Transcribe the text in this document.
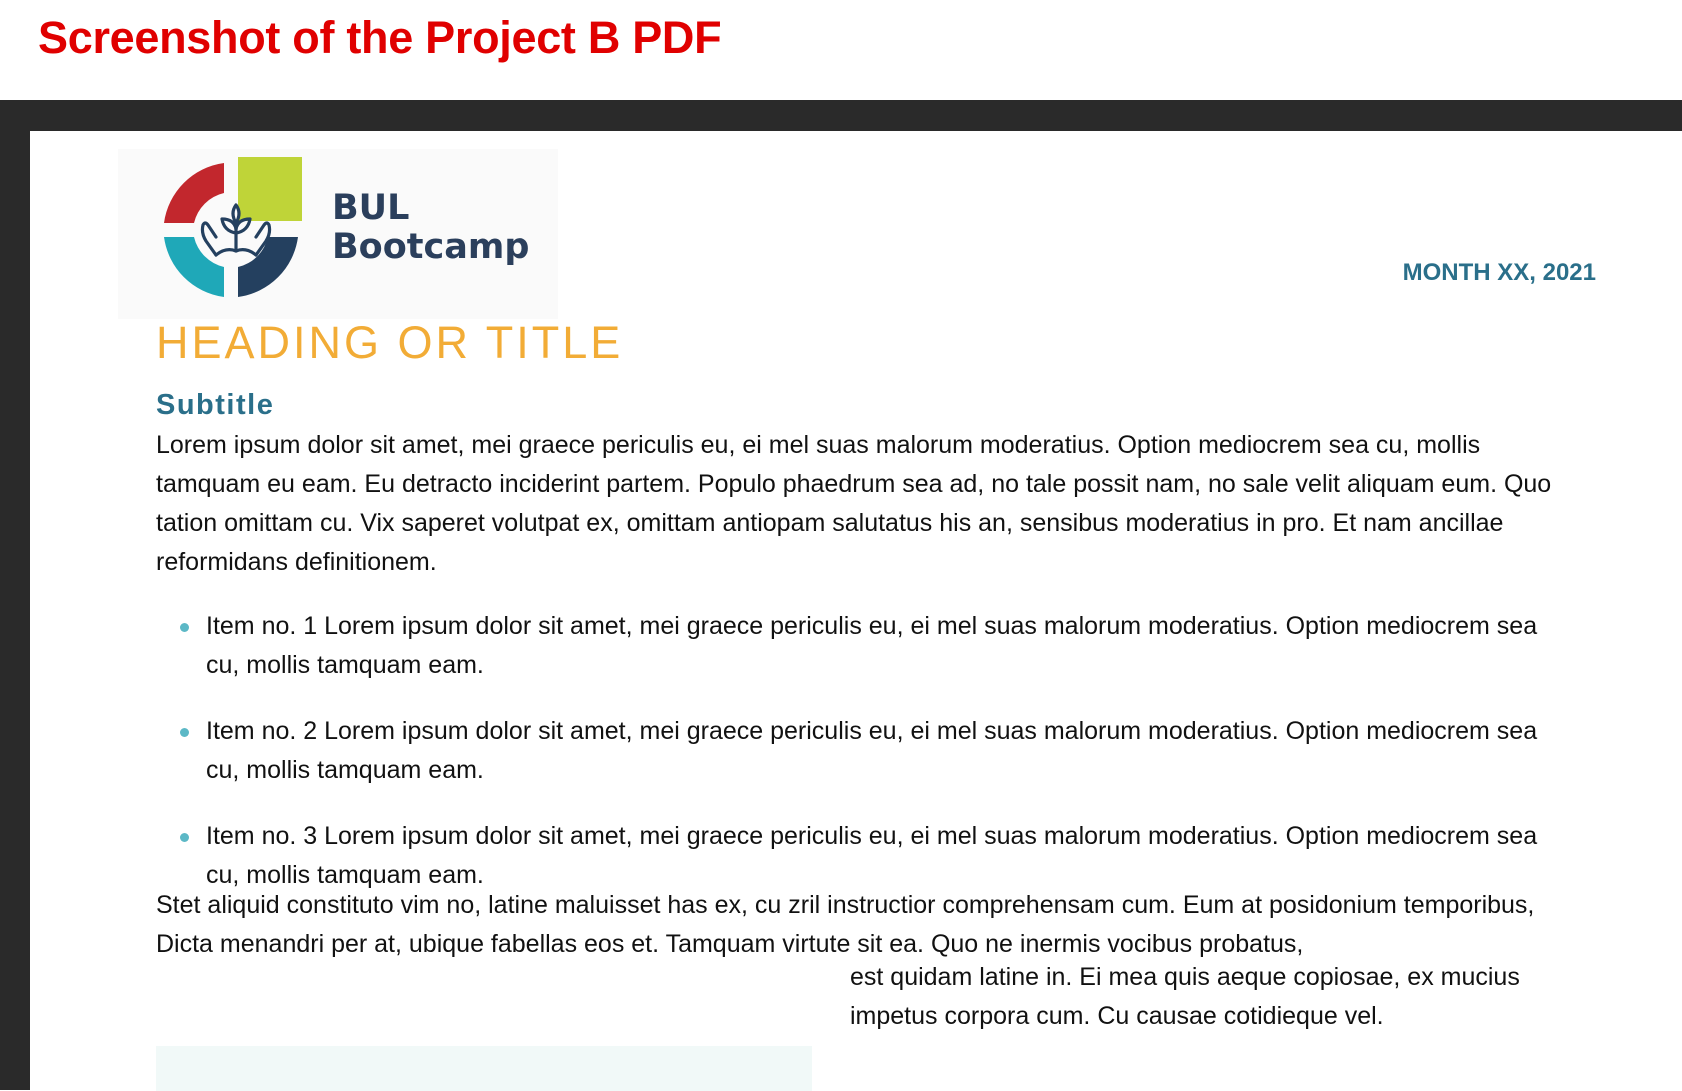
Screenshot of the Project B PDF
BUL
Bootcamp

MONTH XX, 2021

HEADING OR TITLE
Subtitle

Lorem ipsum dolor sit amet, mei graece periculis eu, ei mel suas malorum moderatius. Option mediocrem sea cu, mollis tamquam eu eam. Eu detracto inciderint partem. Populo phaedrum sea ad, no tale possit nam, no sale velit aliquam eum. Quo tation omittam cu. Vix saperet volutpat ex, omittam antiopam salutatus his an, sensibus moderatius in pro. Et nam ancillae reformidans definitionem.

Item no. 1 Lorem ipsum dolor sit amet, mei graece periculis eu, ei mel suas malorum moderatius. Option mediocrem sea cu, mollis tamquam eam.
Item no. 2 Lorem ipsum dolor sit amet, mei graece periculis eu, ei mel suas malorum moderatius. Option mediocrem sea cu, mollis tamquam eam.
Item no. 3 Lorem ipsum dolor sit amet, mei graece periculis eu, ei mel suas malorum moderatius. Option mediocrem sea cu, mollis tamquam eam.

Stet aliquid constituto vim no, latine maluisset has ex, cu zril instructior comprehensam cum. Eum at posidonium temporibus, Dicta menandri per at, ubique fabellas eos et. Tamquam virtute sit ea. Quo ne inermis vocibus probatus,

est quidam latine in. Ei mea quis aeque copiosae, ex mucius impetus corpora cum. Cu causae cotidieque vel.
